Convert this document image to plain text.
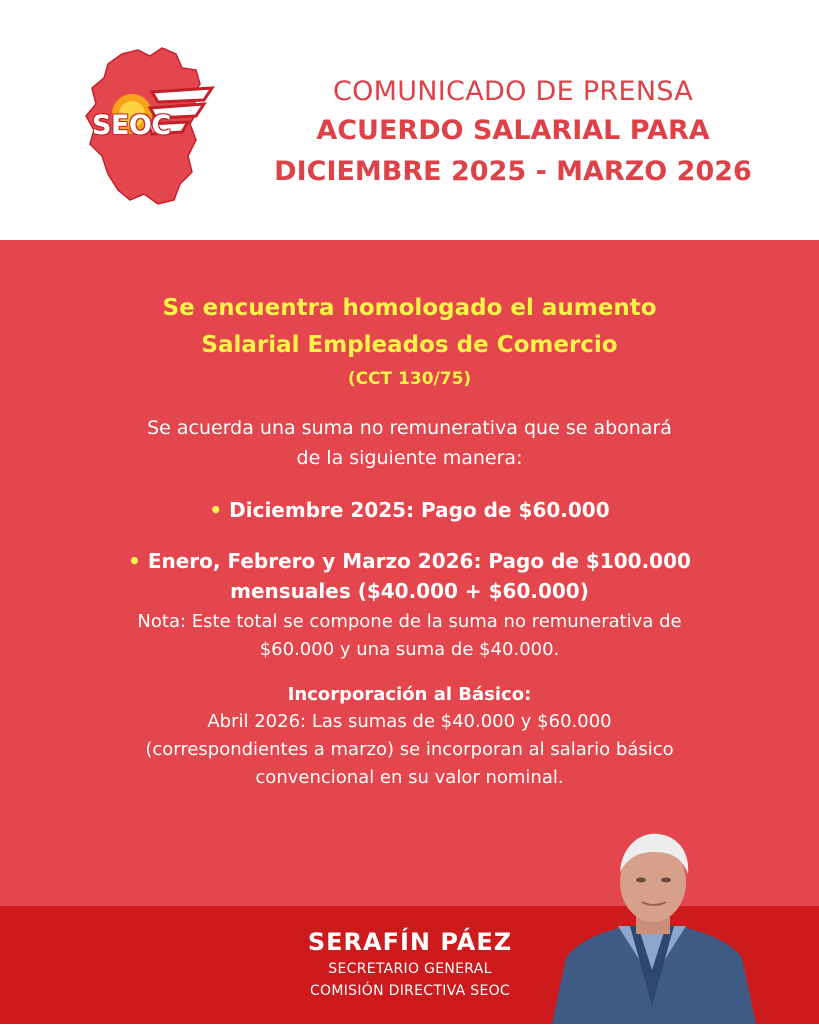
SEOC
COMUNICADO DE PRENSA
ACUERDO SALARIAL PARA
DICIEMBRE 2025 - MARZO 2026
Se encuentra homologado el aumento
Salarial Empleados de Comercio
(CCT 130/75)
Se acuerda una suma no remunerativa que se abonará
de la siguiente manera:
• Diciembre 2025: Pago de $60.000
• Enero, Febrero y Marzo 2026: Pago de $100.000
mensuales ($40.000 + $60.000)
Nota: Este total se compone de la suma no remunerativa de
$60.000 y una suma de $40.000.
Incorporación al Básico:
Abril 2026: Las sumas de $40.000 y $60.000
(correspondientes a marzo) se incorporan al salario básico
convencional en su valor nominal.
SERAFÍN PÁEZ
SECRETARIO GENERAL
COMISIÓN DIRECTIVA SEOC
